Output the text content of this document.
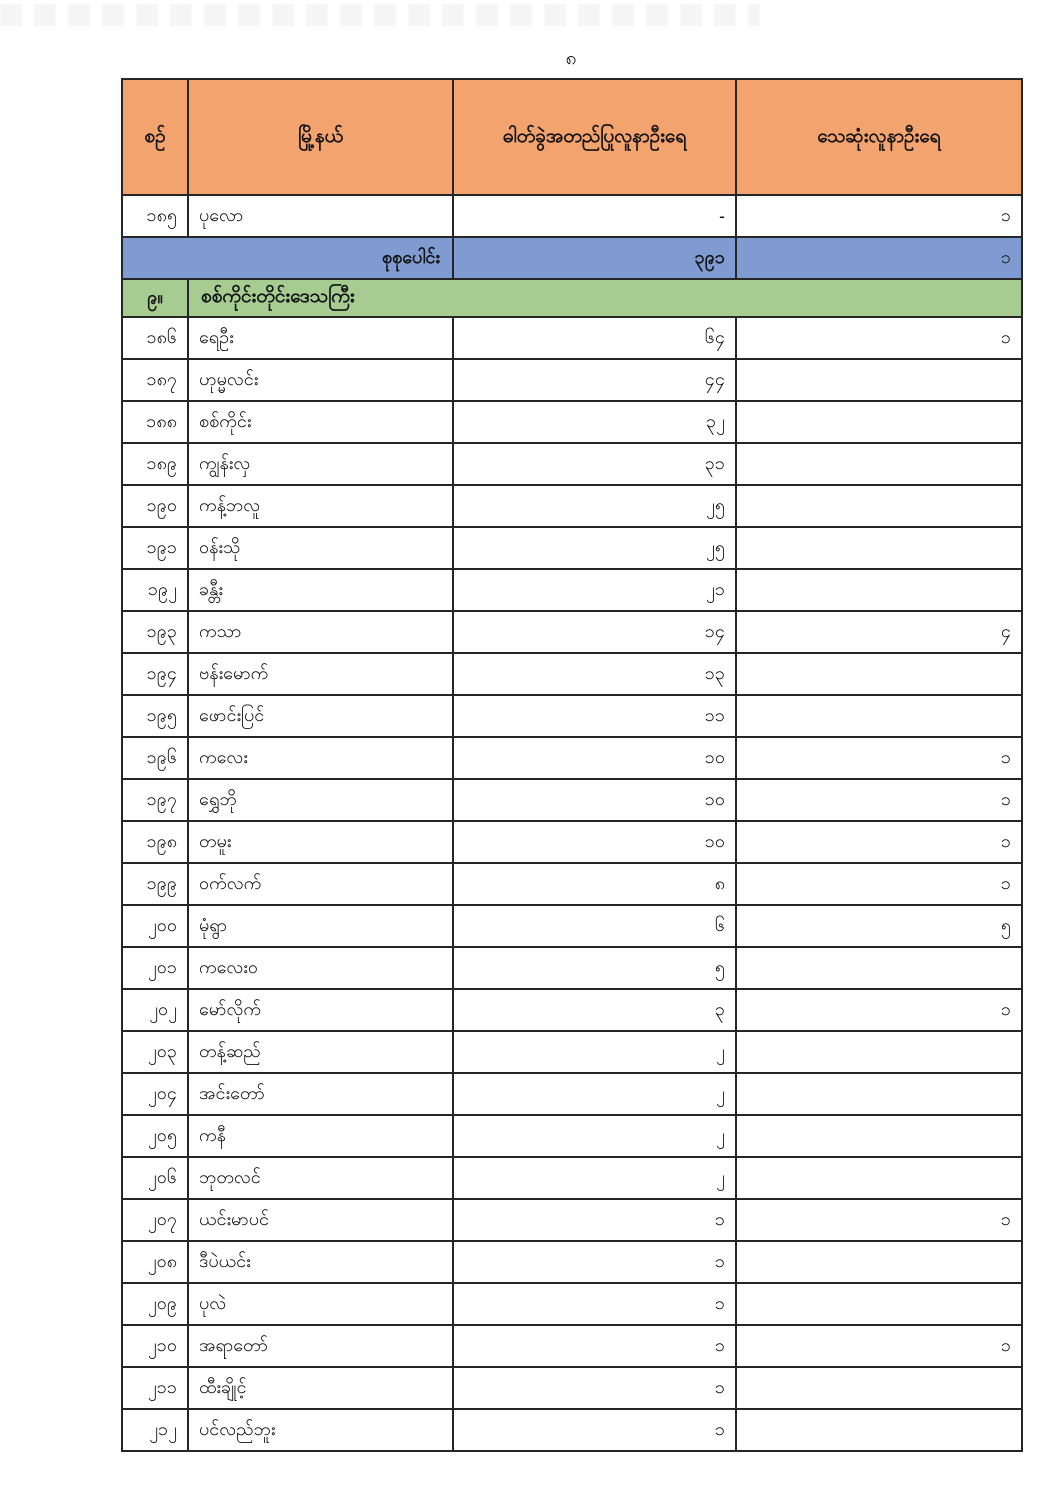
၈
စဉ်	မြို့နယ်	ဓါတ်ခွဲအတည်ပြုလူနာဦးရေ	သေဆုံးလူနာဦးရေ
၁၈၅	ပုလော	-	၁
စုစုပေါင်း		၃၉၁	၁
၉။	စစ်ကိုင်းတိုင်းဒေသကြီး		
၁၈၆	ရေဦး	၆၄	၁
၁၈၇	ဟုမ္မလင်း	၄၄	
၁၈၈	စစ်ကိုင်း	၃၂	
၁၈၉	ကျွန်းလှ	၃၁	
၁၉၀	ကန့်ဘလူ	၂၅	
၁၉၁	ဝန်းသို	၂၅	
၁၉၂	ခန္တီး	၂၁	
၁၉၃	ကသာ	၁၄	၄
၁၉၄	ဗန်းမောက်	၁၃	
၁၉၅	ဖောင်းပြင်	၁၁	
၁၉၆	ကလေး	၁၀	၁
၁၉၇	ရွှေဘို	၁၀	၁
၁၉၈	တမူး	၁၀	၁
၁၉၉	ဝက်လက်	၈	၁
၂၀၀	မုံရွာ	၆	၅
၂၀၁	ကလေးဝ	၅	
၂၀၂	မော်လိုက်	၃	၁
၂၀၃	တန့်ဆည်	၂	
၂၀၄	အင်းတော်	၂	
၂၀၅	ကနီ	၂	
၂၀၆	ဘုတလင်	၂	
၂၀၇	ယင်းမာပင်	၁	၁
၂၀၈	ဒီပဲယင်း	၁	
၂၀၉	ပုလဲ	၁	
၂၁၀	အရာတော်	၁	၁
၂၁၁	ထီးချိုင့်	၁	
၂၁၂	ပင်လည်ဘူး	၁	
